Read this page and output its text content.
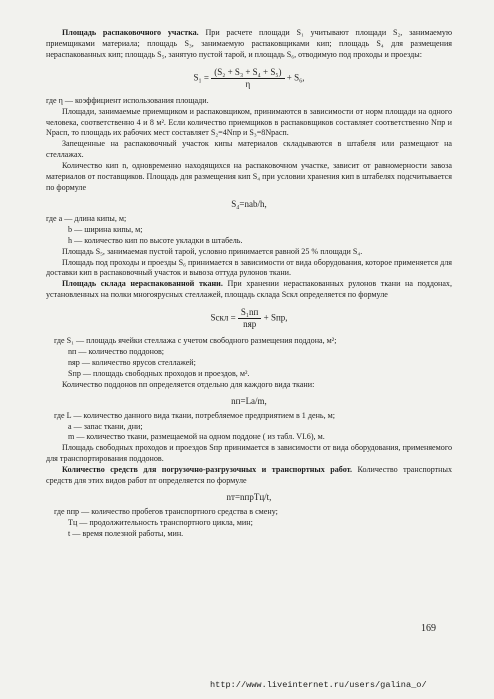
Площадь распаковочного участка. При расчете площади S₁ учитывают площади S₂, занимаемую приемщиками материала; площадь S₃, занимаемую распаковщиками кип; площадь S₄ для размещения нераспакованных кип; площадь S₅, занятую пустой тарой, и площадь S₆, отводимую под проходы и проезды:

$S_1 = \frac{\text{(S₂ + S₃ + S₄ + S₅)}}{\eta} + S_6$,

где η — коэффициент использования площади.

Площади, занимаемые приемщиком и распаковщиком, принимаются в зависимости от норм площади на одного человека, соответственно 4 и 8 м². Если количество приемщиков в распаковщиков составляет соответственно Nпр и Nрасп, то площадь их рабочих мест составляет S₂=4Nпр и S₃=8Nрасп.

Запещенные на распаковочный участок кипы материалов складываются в штабеля или размещают на стеллажах.

Количество кип n, одновременно находящихся на распаковочном участке, зависит от равномерности завоза материалов от поставщиков. Площадь для размещения кип S₄ при условии хранения кип в штабелях подсчитывается по формуле

S₄=nab/h,

где a — длина кипы, м;

b — ширина кипы, м;

h — количество кип по высоте укладки в штабель.

Площадь S₅, занимаемая пустой тарой, условно принимается равной 25 % площади S₄.

Площадь под проходы и проезды S₆ принимается в зависимости от вида оборудования, которое применяется для доставки кип в распаковочный участок и вывоза оттуда рулонов ткани.

Площадь склада нераспакованной ткани. При хранении нераспакованных рулонов ткани на поддонах, установленных на полки многоярусных стеллажей, площадь склада Sскл определяется по формуле

Sскл = $\frac{\text{S₁nп}}{\text{nяр}}$ + Sпр,

где S₁ — площадь ячейки стеллажа с учетом свободного размещения поддона, м²;

nп — количество поддонов;

nяр — количество ярусов стеллажей;

Sпр — площадь свободных проходов и проездов, м².

Количество поддонов nп определяется отдельно для каждого вида ткани:

nп=La/m,

где L — количество данного вида ткани, потребляемое предприятием в 1 день, м;

a — запас ткани, дни;

m — количество ткани, размещаемой на одном поддоне ( из табл. VI.6), м.

Площадь свободных проходов и проездов Sпр принимается в зависимости от вида оборудования, применяемого для транспортирования поддонов.

Количество средств для погрузочно-разгрузочных и транспортных работ. Количество транспортных средств для этих видов работ nт определяется по формуле

nт=nпрTц/t,

где nпр — количество пробегов транспортного средства в смену;

Tц — продолжительность транспортного цикла, мин;

t — время полезной работы, мин.

169
http://www.liveinternet.ru/users/galina_o/
